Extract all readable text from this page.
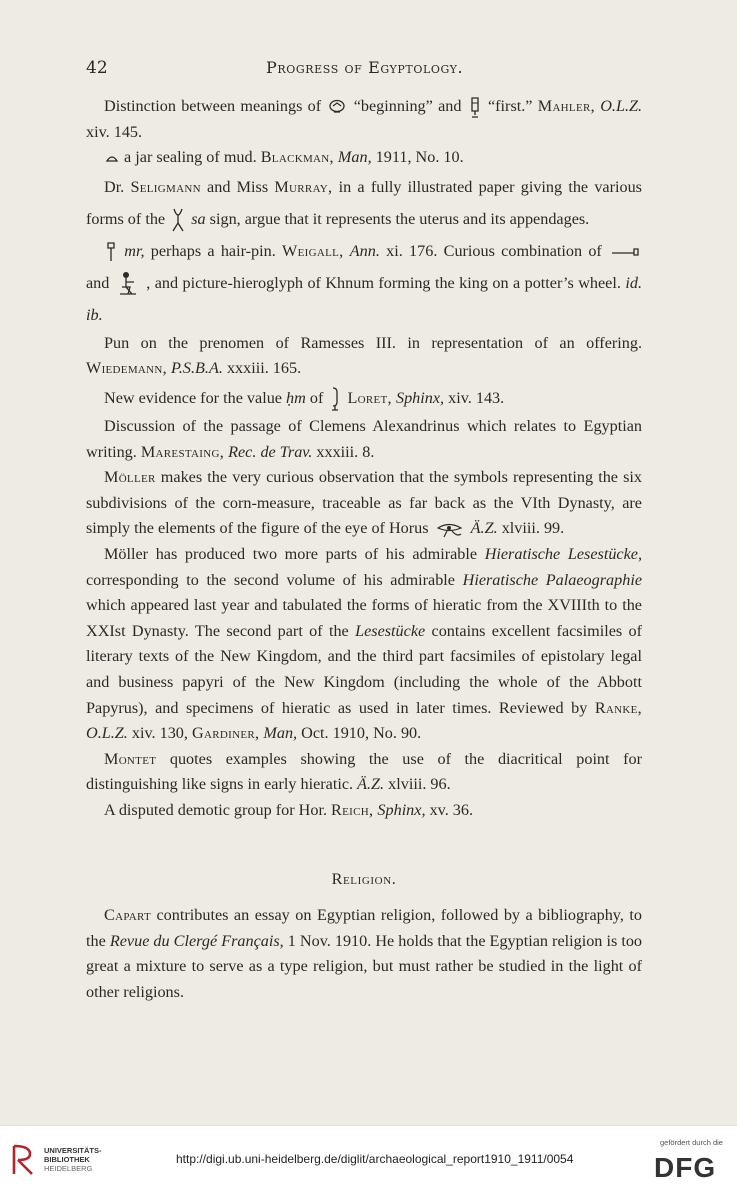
42	Progress of Egyptology.

Distinction between meanings of “beginning” and “first.” Mahler, O.L.Z. xiv. 145.

a jar sealing of mud. Blackman, Man, 1911, No. 10.

Dr. Seligmann and Miss Murray, in a fully illustrated paper giving the various forms of the sa sign, argue that it represents the uterus and its appendages.

mr, perhaps a hair-pin. Weigall, Ann. xi. 176. Curious combination of  and , and picture-hieroglyph of Khnum forming the king on a potter’s wheel. id. ib.

Pun on the prenomen of Ramesses III. in representation of an offering. Wiedemann, P.S.B.A. xxxiii. 165.

New evidence for the value ḥm of Loret, Sphinx, xiv. 143.

Discussion of the passage of Clemens Alexandrinus which relates to Egyptian writing. Marestaing, Rec. de Trav. xxxiii. 8.

Möller makes the very curious observation that the symbols representing the six subdivisions of the corn-measure, traceable as far back as the VIth Dynasty, are simply the elements of the figure of the eye of Horus	Ä.Z. xlviii. 99.

Möller has produced two more parts of his admirable Hieratische Lesestücke, corresponding to the second volume of his admirable Hieratische Palaeographie which appeared last year and tabulated the forms of hieratic from the XVIIIth to the XXIst Dynasty. The second part of the Lesestücke contains excellent facsimiles of literary texts of the New Kingdom, and the third part facsimiles of epistolary legal and business papyri of the New Kingdom (including the whole of the Abbott Papyrus), and specimens of hieratic as used in later times. Reviewed by Ranke, O.L.Z. xiv. 130, Gardiner, Man, Oct. 1910, No. 90.

Montet quotes examples showing the use of the diacritical point for distinguishing like signs in early hieratic. Ä.Z. xlviii. 96.

A disputed demotic group for Hor. Reich, Sphinx, xv. 36.

Religion.

Capart contributes an essay on Egyptian religion, followed by a bibliography, to the Revue du Clergé Français, 1 Nov. 1910. He holds that the Egyptian religion is too great a mixture to serve as a type religion, but must rather be studied in the light of other religions.

UNIVERSITÄTS-
BIBLIOTHEK
HEIDELBERG
http://digi.ub.uni-heidelberg.de/diglit/archaeological_report1910_1911/0054
gefördert durch die
DFG
